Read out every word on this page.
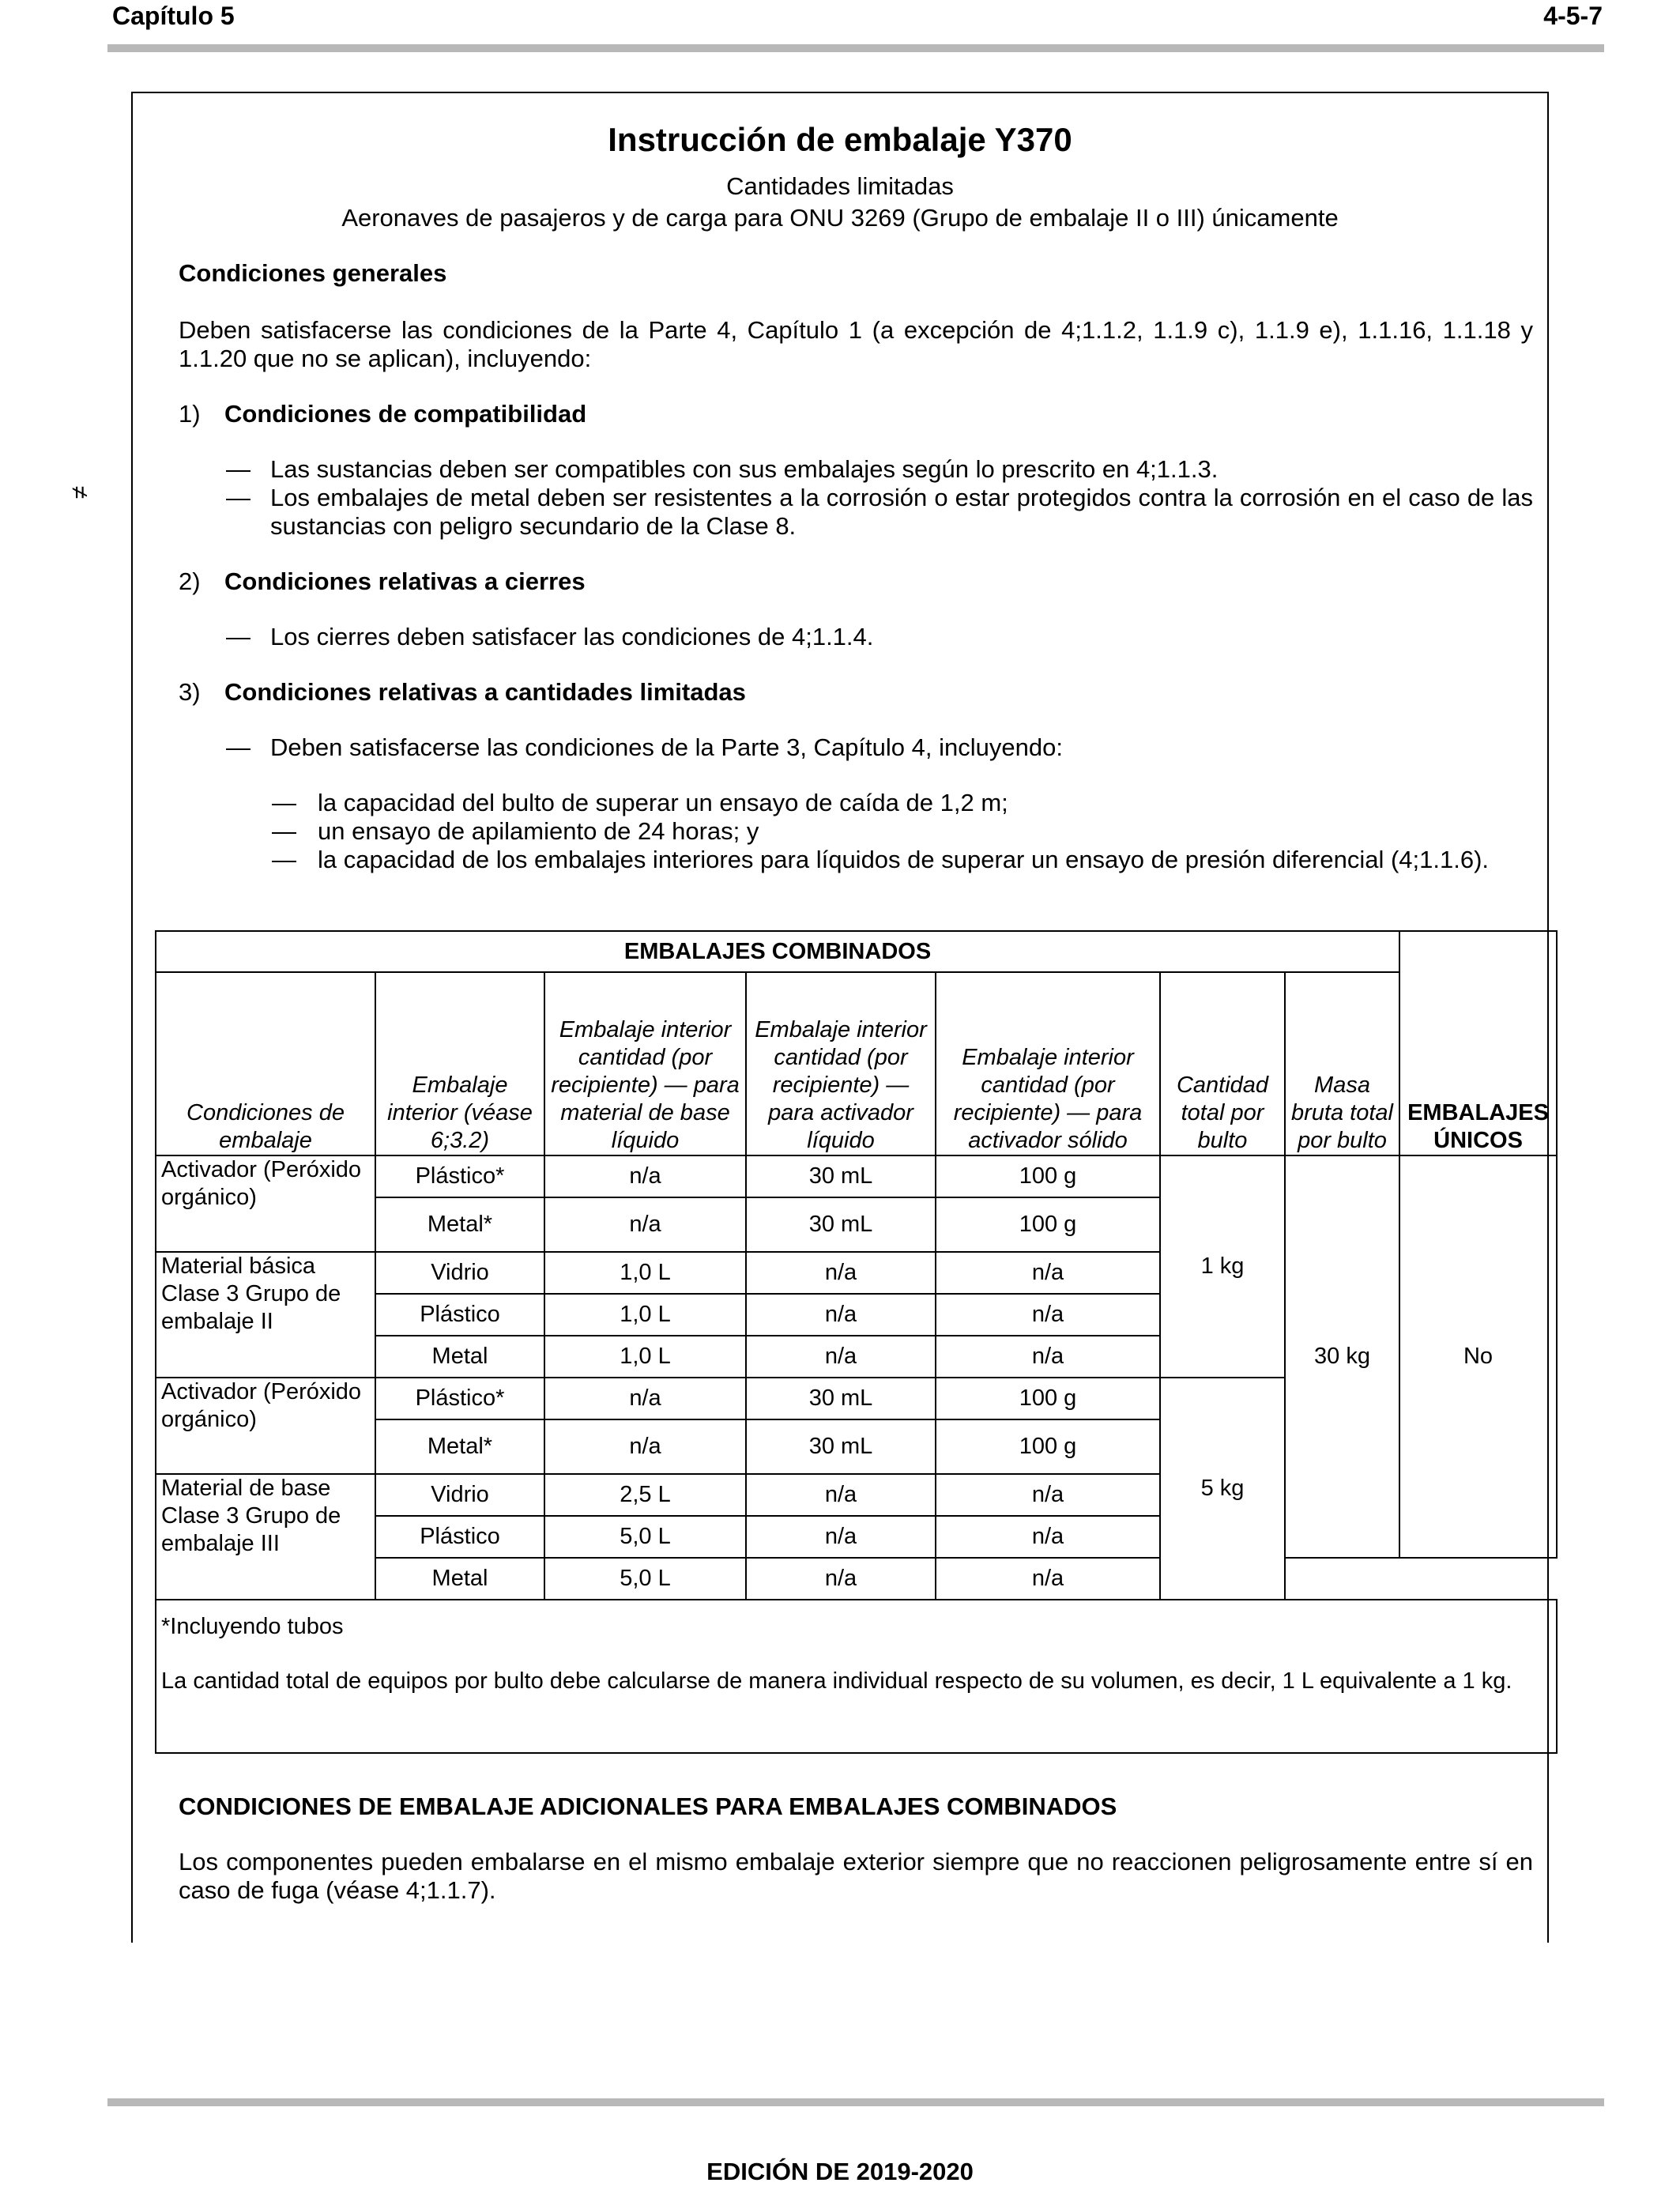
Capítulo 5	4-5-7
≠
Instrucción de embalaje Y370
Cantidades limitadas
Aeronaves de pasajeros y de carga para ONU 3269 (Grupo de embalaje II o III) únicamente
Condiciones generales
Deben satisfacerse las condiciones de la Parte 4, Capítulo 1 (a excepción de 4;1.1.2, 1.1.9 c), 1.1.9 e), 1.1.16, 1.1.18 y 1.1.20 que no se aplican), incluyendo:
1) Condiciones de compatibilidad
— Las sustancias deben ser compatibles con sus embalajes según lo prescrito en 4;1.1.3.
— Los embalajes de metal deben ser resistentes a la corrosión o estar protegidos contra la corrosión en el caso de las sustancias con peligro secundario de la Clase 8.
2) Condiciones relativas a cierres
— Los cierres deben satisfacer las condiciones de 4;1.1.4.
3) Condiciones relativas a cantidades limitadas
— Deben satisfacerse las condiciones de la Parte 3, Capítulo 4, incluyendo:
— la capacidad del bulto de superar un ensayo de caída de 1,2 m;
— un ensayo de apilamiento de 24 horas; y
— la capacidad de los embalajes interiores para líquidos de superar un ensayo de presión diferencial (4;1.1.6).
EMBALAJES COMBINADOS							EMBALAJES ÚNICOS
Condiciones de embalaje	Embalaje interior (véase 6;3.2)	Embalaje interior cantidad (por recipiente) — para material de base líquido	Embalaje interior cantidad (por recipiente) — para activador líquido	Embalaje interior cantidad (por recipiente) — para activador sólido	Cantidad total por bulto	Masa bruta total por bulto	
Activador (Peróxido orgánico)	Plástico*	n/a	30 mL	100 g	1 kg	30 kg	No
	Metal*	n/a	30 mL	100 g			
Material básica Clase 3 Grupo de embalaje II	Vidrio	1,0 L	n/a	n/a			
	Plástico	1,0 L	n/a	n/a			
	Metal	1,0 L	n/a	n/a			
Activador (Peróxido orgánico)	Plástico*	n/a	30 mL	100 g	5 kg		
	Metal*	n/a	30 mL	100 g			
Material de base Clase 3 Grupo de embalaje III	Vidrio	2,5 L	n/a	n/a			
	Plástico	5,0 L	n/a	n/a			
	Metal	5,0 L	n/a	n/a			

*Incluyendo tubos
La cantidad total de equipos por bulto debe calcularse de manera individual respecto de su volumen, es decir, 1 L equivalente a 1 kg.							
CONDICIONES DE EMBALAJE ADICIONALES PARA EMBALAJES COMBINADOS
Los componentes pueden embalarse en el mismo embalaje exterior siempre que no reaccionen peligrosamente entre sí en caso de fuga (véase 4;1.1.7).
EDICIÓN DE 2019-2020
